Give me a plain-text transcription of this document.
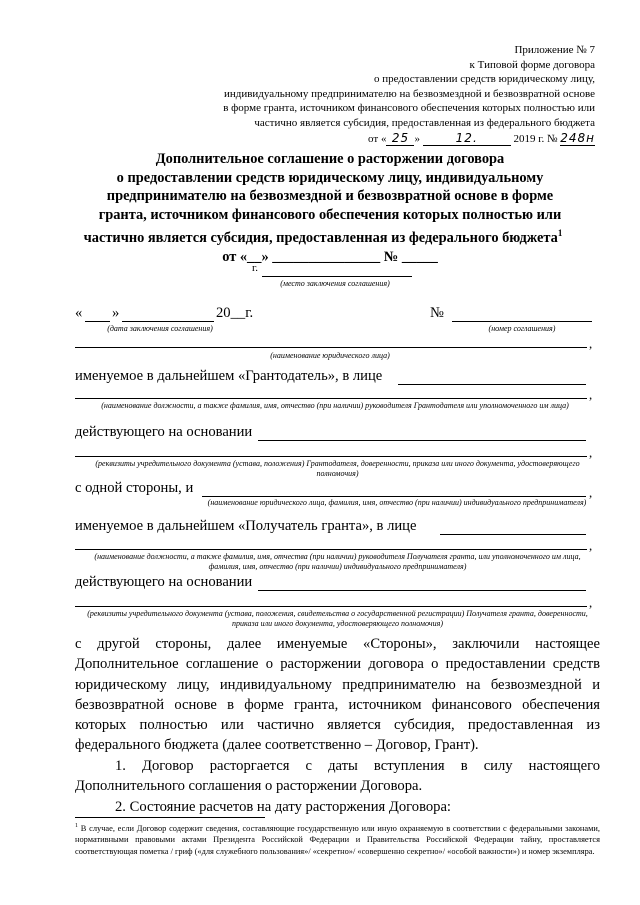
Приложение № 7
к Типовой форме договора
о предоставлении средств юридическому лицу,
индивидуальному предпринимателю на безвозмездной и безвозвратной основе
в форме гранта, источником финансового обеспечения которых полностью или
частично является субсидия, предоставленная из федерального бюджета
от « 25 »	12.	2019 г. № 248н
Дополнительное соглашение о расторжении договора
о предоставлении средств юридическому лицу, индивидуальному
предпринимателю на безвозмездной и безвозвратной основе в форме
гранта, источником финансового обеспечения которых полностью или
частично является субсидия, предоставленная из федерального бюджета$^1$
от «__» _______________ № _____
г.
(место заключения соглашения)
« »	20__г.
(дата заключения соглашения)
№
(номер соглашения)
,
(наименование юридического лица)
именуемое в дальнейшем «Грантодатель», в лице
,
(наименование должности, а также фамилия, имя, отчество (при наличии) руководителя Грантодателя или уполномоченного им лица)
действующего на основании
,
(реквизиты учредительного документа (устава, положения) Грантодателя, доверенности, приказа или иного документа, удостоверяющего полномочия)
с одной стороны, и	,
(наименование юридического лица, фамилия, имя, отчество (при наличии) индивидуального предпринимателя)
именуемое в дальнейшем «Получатель гранта», в лице
,
(наименование должности, а также фамилия, имя, отчества (при наличии) руководителя Получателя гранта, или уполномоченного им лица, фамилия, имя, отчество (при наличии) индивидуального предпринимателя)
действующего на основании
,
(реквизиты учредительного документа (устава, положения, свидетельства о государственной регистрации) Получателя гранта, доверенности, приказа или иного документа, удостоверяющего полномочия)
с другой стороны, далее именуемые «Стороны», заключили настоящее Дополнительное соглашение о расторжении договора о предоставлении средств юридическому лицу, индивидуальному предпринимателю на безвозмездной и безвозвратной основе в форме гранта, источником финансового обеспечения которых полностью или частично является субсидия, предоставленная из федерального бюджета (далее соответственно – Договор, Грант).
1. Договор расторгается с даты вступления в силу настоящего Дополнительного соглашения о расторжении Договора.
2. Состояние расчетов на дату расторжения Договора:
$^1$ В случае, если Договор содержит сведения, составляющие государственную или иную охраняемую в соответствии с федеральными законами, нормативными правовыми актами Президента Российской Федерации и Правительства Российской Федерации тайну, проставляется соответствующая пометка / гриф («для служебного пользования»/ «секретно»/ «совершенно секретно»/ «особой важности») и номер экземпляра.
